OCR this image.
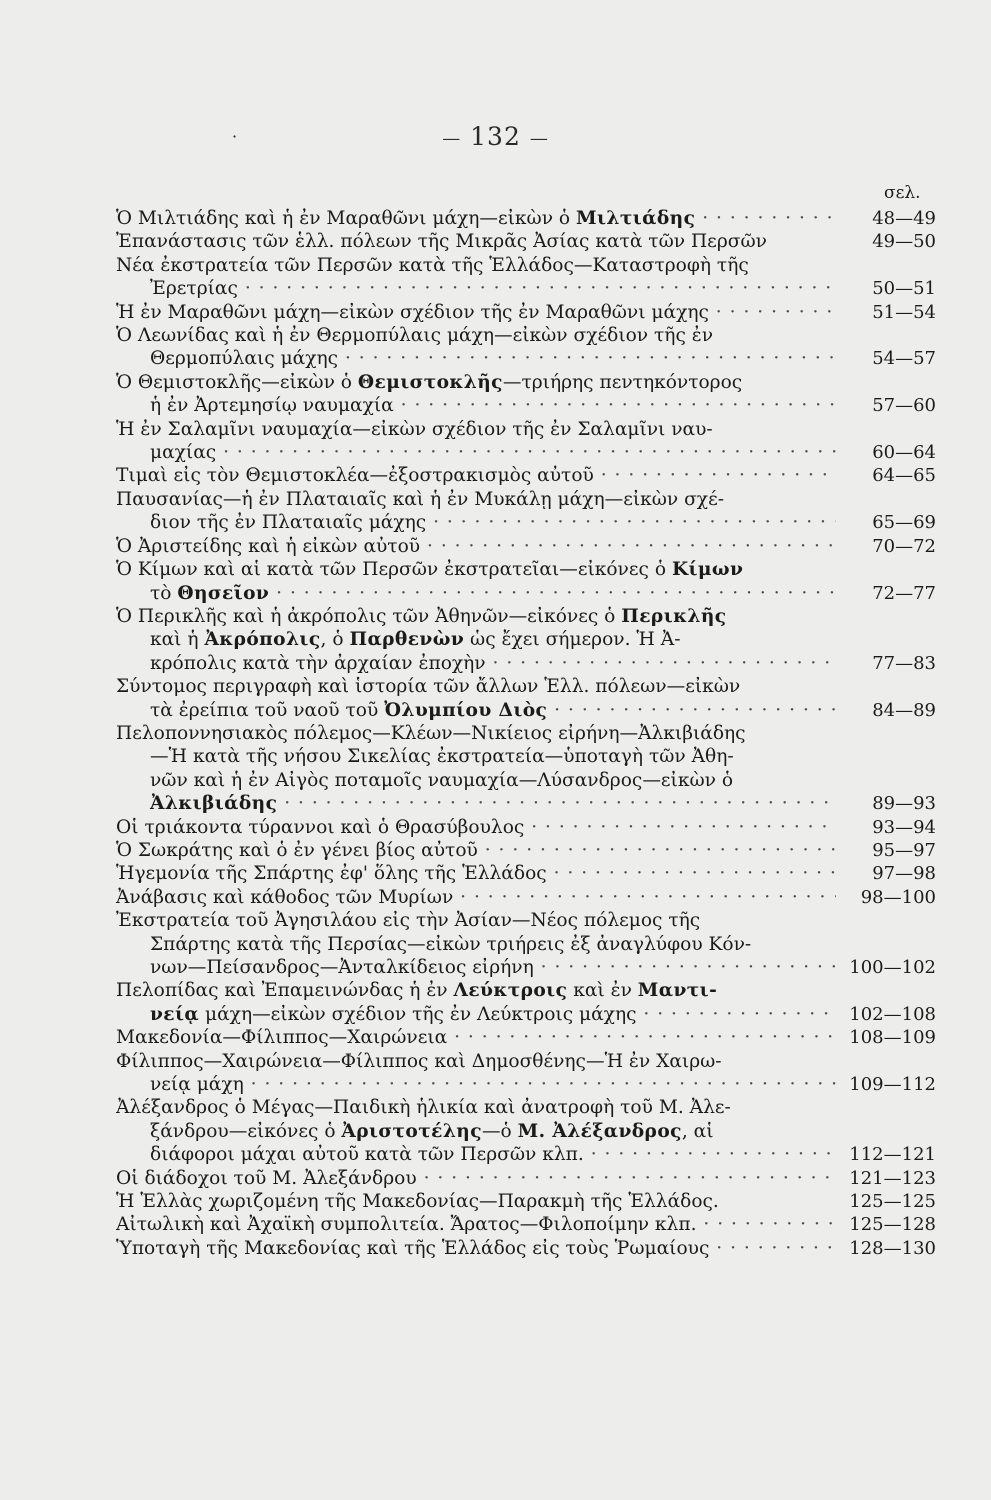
·	— 132 —
σελ.
Ὁ Μιλτιάδης καὶ ἡ ἐν Μαραθῶνι μάχη—εἰκὼν ὁ Μιλτιάδης · · ·	48—49
Ἐπανάστασις τῶν ἑλλ. πόλεων τῆς Μικρᾶς Ἀσίας κατὰ τῶν Περσῶν	49—50
Νέα ἐκστρατεία τῶν Περσῶν κατὰ τῆς Ἑλλάδος—Καταστροφὴ τῆς
Ἐρετρίας · · ·	50—51
Ἡ ἐν Μαραθῶνι μάχη—εἰκὼν σχέδιον τῆς ἐν Μαραθῶνι μάχης · · ·	51—54
Ὁ Λεωνίδας καὶ ἡ ἐν Θερμοπύλαις μάχη—εἰκὼν σχέδιον τῆς ἐν
Θερμοπύλαις μάχης · · ·	54—57
Ὁ Θεμιστοκλῆς—εἰκὼν ὁ Θεμιστοκλῆς—τριήρης πεντηκόντορος
ἡ ἐν Ἀρτεμησίῳ ναυμαχία · · ·	57—60
Ἡ ἐν Σαλαμῖνι ναυμαχία—εἰκὼν σχέδιον τῆς ἐν Σαλαμῖνι ναυ-
μαχίας · · ·	60—64
Τιμαὶ εἰς τὸν Θεμιστοκλέα—ἐξοστρακισμὸς αὐτοῦ · · ·	64—65
Παυσανίας—ἡ ἐν Πλαταιαῖς καὶ ἡ ἐν Μυκάλῃ μάχη—εἰκὼν σχέ-
διον τῆς ἐν Πλαταιαῖς μάχης · · ·	65—69
Ὁ Ἀριστείδης καὶ ἡ εἰκὼν αὐτοῦ · · ·	70—72
Ὁ Κίμων καὶ αἱ κατὰ τῶν Περσῶν ἐκστρατεῖαι—εἰκόνες ὁ Κίμων
τὸ Θησεῖον · · ·	72—77
Ὁ Περικλῆς καὶ ἡ ἀκρόπολις τῶν Ἀθηνῶν—εἰκόνες ὁ Περικλῆς
καὶ ἡ Ἀκρόπολις, ὁ Παρθενὼν ὡς ἔχει σήμερον. Ἡ Ἀ-
κρόπολις κατὰ τὴν ἀρχαίαν ἐποχὴν · · ·	77—83
Σύντομος περιγραφὴ καὶ ἱστορία τῶν ἄλλων Ἑλλ. πόλεων—εἰκὼν
τὰ ἐρείπια τοῦ ναοῦ τοῦ Ὀλυμπίου Διὸς · · ·	84—89
Πελοποννησιακὸς πόλεμος—Κλέων—Νικίειος εἰρήνη—Ἀλκιβιάδης
—Ἡ κατὰ τῆς νήσου Σικελίας ἐκστρατεία—ὑποταγὴ τῶν Ἀθη-
νῶν καὶ ἡ ἐν Αἰγὸς ποταμοῖς ναυμαχία—Λύσανδρος—εἰκὼν ὁ
Ἀλκιβιάδης · · ·	89—93
Οἱ τριάκοντα τύραννοι καὶ ὁ Θρασύβουλος · · ·	93—94
Ὁ Σωκράτης καὶ ὁ ἐν γένει βίος αὐτοῦ · · ·	95—97
Ἡγεμονία τῆς Σπάρτης ἐφ' ὅλης τῆς Ἑλλάδος · · ·	97—98
Ἀνάβασις καὶ κάθοδος τῶν Μυρίων · · ·	98—100
Ἐκστρατεία τοῦ Ἀγησιλάου εἰς τὴν Ἀσίαν—Νέος πόλεμος τῆς
Σπάρτης κατὰ τῆς Περσίας—εἰκὼν τριήρεις ἐξ ἀναγλύφου Κόν-
νων—Πείσανδρος—Ἀνταλκίδειος εἰρήνη · · ·	100—102
Πελοπίδας καὶ Ἐπαμεινώνδας ἡ ἐν Λεύκτροις καὶ ἐν Μαντι-
νείᾳ μάχη—εἰκὼν σχέδιον τῆς ἐν Λεύκτροις μάχης · · ·	102—108
Μακεδονία—Φίλιππος—Χαιρώνεια · · ·	108—109
Φίλιππος—Χαιρώνεια—Φίλιππος καὶ Δημοσθένης—Ἡ ἐν Χαιρω-
νείᾳ μάχη · · ·	109—112
Ἀλέξανδρος ὁ Μέγας—Παιδικὴ ἡλικία καὶ ἀνατροφὴ τοῦ Μ. Ἀλε-
ξάνδρου—εἰκόνες ὁ Ἀριστοτέλης—ὁ Μ. Ἀλέξανδρος, αἱ
διάφοροι μάχαι αὐτοῦ κατὰ τῶν Περσῶν κλπ. · · ·	112—121
Οἱ διάδοχοι τοῦ Μ. Ἀλεξάνδρου · · ·	121—123
Ἡ Ἑλλὰς χωριζομένη τῆς Μακεδονίας—Παρακμὴ τῆς Ἑλλάδος.	125—125
Αἰτωλικὴ καὶ Ἀχαϊκὴ συμπολιτεία. Ἄρατος—Φιλοποίμην κλπ. · · ·	125—128
Ὑποταγὴ τῆς Μακεδονίας καὶ τῆς Ἑλλάδος εἰς τοὺς Ῥωμαίους · · ·	128—130
